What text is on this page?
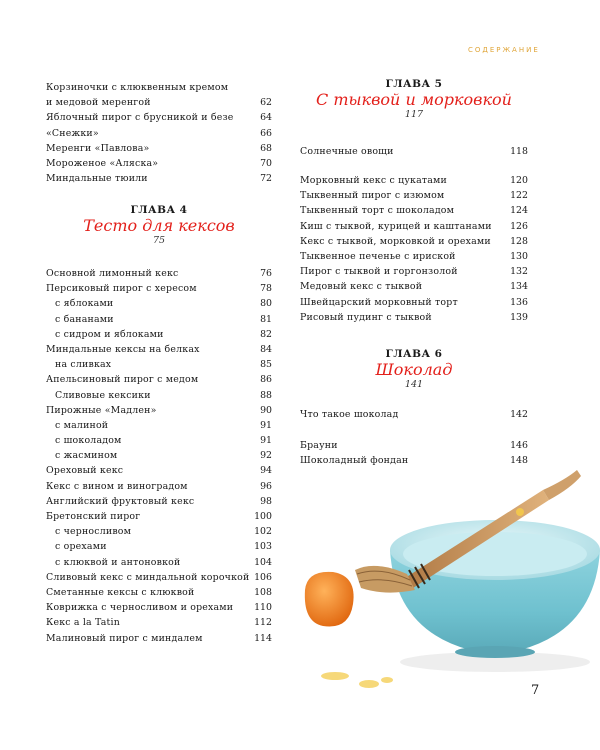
СОДЕРЖАНИЕ
Корзиночки с клюквенным кремом
и медовой меренгой	62
Яблочный пирог с брусникой и безе	64
«Снежки»	66
Меренги «Павлова»	68
Мороженое «Аляска»	70
Миндальные тюили	72
ГЛАВА 4
Тесто для кексов
75
Основной лимонный кекс	76
Персиковый пирог с хересом	78
с яблоками	80
с бананами	81
с сидром и яблоками	82
Миндальные кексы на белках	84
на сливках	85
Апельсиновый пирог с медом	86
Сливовые кексики	88
Пирожные «Мадлен»	90
с малиной	91
с шоколадом	91
с жасмином	92
Ореховый кекс	94
Кекс с вином и виноградом	96
Английский фруктовый кекс	98
Бретонский пирог	100
с черносливом	102
с орехами	103
с клюквой и антоновкой	104
Сливовый кекс с миндальной корочкой 106
Сметанные кексы с клюквой	108
Коврижка с черносливом и орехами 110
Кекс a la Tatin	112
Малиновый пирог с миндалем	114
ГЛАВА 5
С тыквой и морковкой
117
Солнечные овощи	118
Морковный кекс с цукатами	120
Тыквенный пирог с изюмом	122
Тыквенный торт с шоколадом	124
Киш с тыквой, курицей и каштанами 126
Кекс с тыквой, морковкой и орехами 128
Тыквенное печенье с ириской	130
Пирог с тыквой и горгонзолой	132
Медовый кекс с тыквой	134
Швейцарский морковный торт	136
Рисовый пудинг с тыквой	139
ГЛАВА 6
Шоколад
141
Что такое шоколад	142
Брауни	146
Шоколадный фондан	148
7
